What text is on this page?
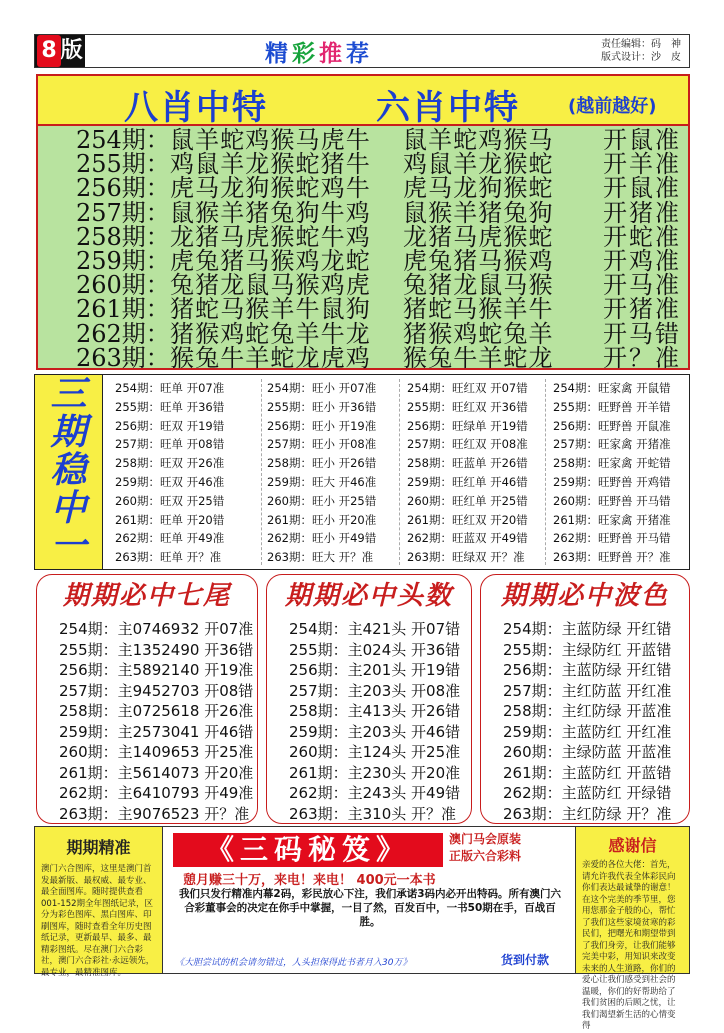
8 版	精彩推荐	责任编辑：码　神
版式设计：沙　皮
八肖中特	六肖中特	(越前越好)
254期： 鼠羊蛇鸡猴马虎牛	鼠羊蛇鸡猴马	开鼠准
255期： 鸡鼠羊龙猴蛇猪牛	鸡鼠羊龙猴蛇	开羊准
256期： 虎马龙狗猴蛇鸡牛	虎马龙狗猴蛇	开鼠准
257期： 鼠猴羊猪兔狗牛鸡	鼠猴羊猪兔狗	开猪准
258期： 龙猪马虎猴蛇牛鸡	龙猪马虎猴蛇	开蛇准
259期： 虎兔猪马猴鸡龙蛇	虎兔猪马猴鸡	开鸡准
260期： 兔猪龙鼠马猴鸡虎	兔猪龙鼠马猴	开马准
261期： 猪蛇马猴羊牛鼠狗	猪蛇马猴羊牛	开猪准
262期： 猪猴鸡蛇兔羊牛龙	猪猴鸡蛇兔羊	开马错
263期： 猴兔牛羊蛇龙虎鸡	猴兔牛羊蛇龙	开？准
三
期
稳
中
一
254期：旺单 开07准
255期：旺单 开36错
256期：旺双 开19错
257期：旺单 开08错
258期：旺双 开26准
259期：旺双 开46准
260期：旺双 开25错
261期：旺单 开20错
262期：旺单 开49准
263期：旺单 开？准
254期：旺小 开07准
255期：旺小 开36错
256期：旺小 开19准
257期：旺小 开08准
258期：旺小 开26错
259期：旺大 开46准
260期：旺小 开25错
261期：旺小 开20准
262期：旺小 开49错
263期：旺大 开？准
254期：旺红双 开07错
255期：旺红双 开36错
256期：旺绿单 开19错
257期：旺红双 开08准
258期：旺蓝单 开26错
259期：旺红单 开46错
260期：旺红单 开25错
261期：旺红双 开20错
262期：旺蓝双 开49错
263期：旺绿双 开？准
254期：旺家禽 开鼠错
255期：旺野兽 开羊错
256期：旺野兽 开鼠准
257期：旺家禽 开猪准
258期：旺家禽 开蛇错
259期：旺野兽 开鸡错
260期：旺野兽 开马错
261期：旺家禽 开猪准
262期：旺野兽 开马错
263期：旺野兽 开？准
期期必中七尾
254期：主0746932 开07准
255期：主1352490 开36错
256期：主5892140 开19准
257期：主9452703 开08错
258期：主0725618 开26准
259期：主2573041 开46错
260期：主1409653 开25准
261期：主5614073 开20准
262期：主6410793 开49准
263期：主9076523 开？准
期期必中头数
254期：主421头 开07错
255期：主024头 开36错
256期：主201头 开19错
257期：主203头 开08准
258期：主413头 开26错
259期：主203头 开46错
260期：主124头 开25准
261期：主230头 开20准
262期：主243头 开49错
263期：主310头 开？准
期期必中波色
254期：主蓝防绿 开红错
255期：主绿防红 开蓝错
256期：主蓝防绿 开红错
257期：主红防蓝 开红准
258期：主红防绿 开蓝准
259期：主蓝防红 开红准
260期：主绿防蓝 开蓝准
261期：主蓝防红 开蓝错
262期：主蓝防红 开绿错
263期：主红防绿 开？准
期期精准
澳门六合图库，这里是澳门首发最新版、最权威、最专业、最全面图库。随时提供查看001-152期全年图纸记录，区分为彩色图库、黑白图库、印刷图库，随时查看全年历史图纸记录，更新最早、最多、最精彩图纸。尽在澳门六合彩社，澳门六合彩社·永远领先，最专业，最精准图库。
《三码秘笈》	澳门马会原装
正版六合彩料
憩月赚三十万，来电！来电！ 400元一本书
我们只发行精准内幕2码，彩民放心下注，我们承诺3码内必开出特码。所有澳门六合彩董事会的决定在你手中掌握，一目了然，百发百中，一书50期在手，百战百胜。
《大胆尝试的机会请勿错过，人头担保得此书者月入30万》	货到付款
感谢信
亲爱的各位大佬：首先，请允许我代表全体彩民向你们表达最诚挚的谢意！在这个完美的季节里，您用您那金子般的心，帮忙了我们这些家境贫寒的彩民们，把曙光和期望带到了我们身旁，让我们能够完美中彩，用知识来改变未来的人生道路，你们的爱心让我们感受到社会的温暖，你们的好帮助给了我们贫困的后顾之忧，让我们渴望新生活的心情变得
